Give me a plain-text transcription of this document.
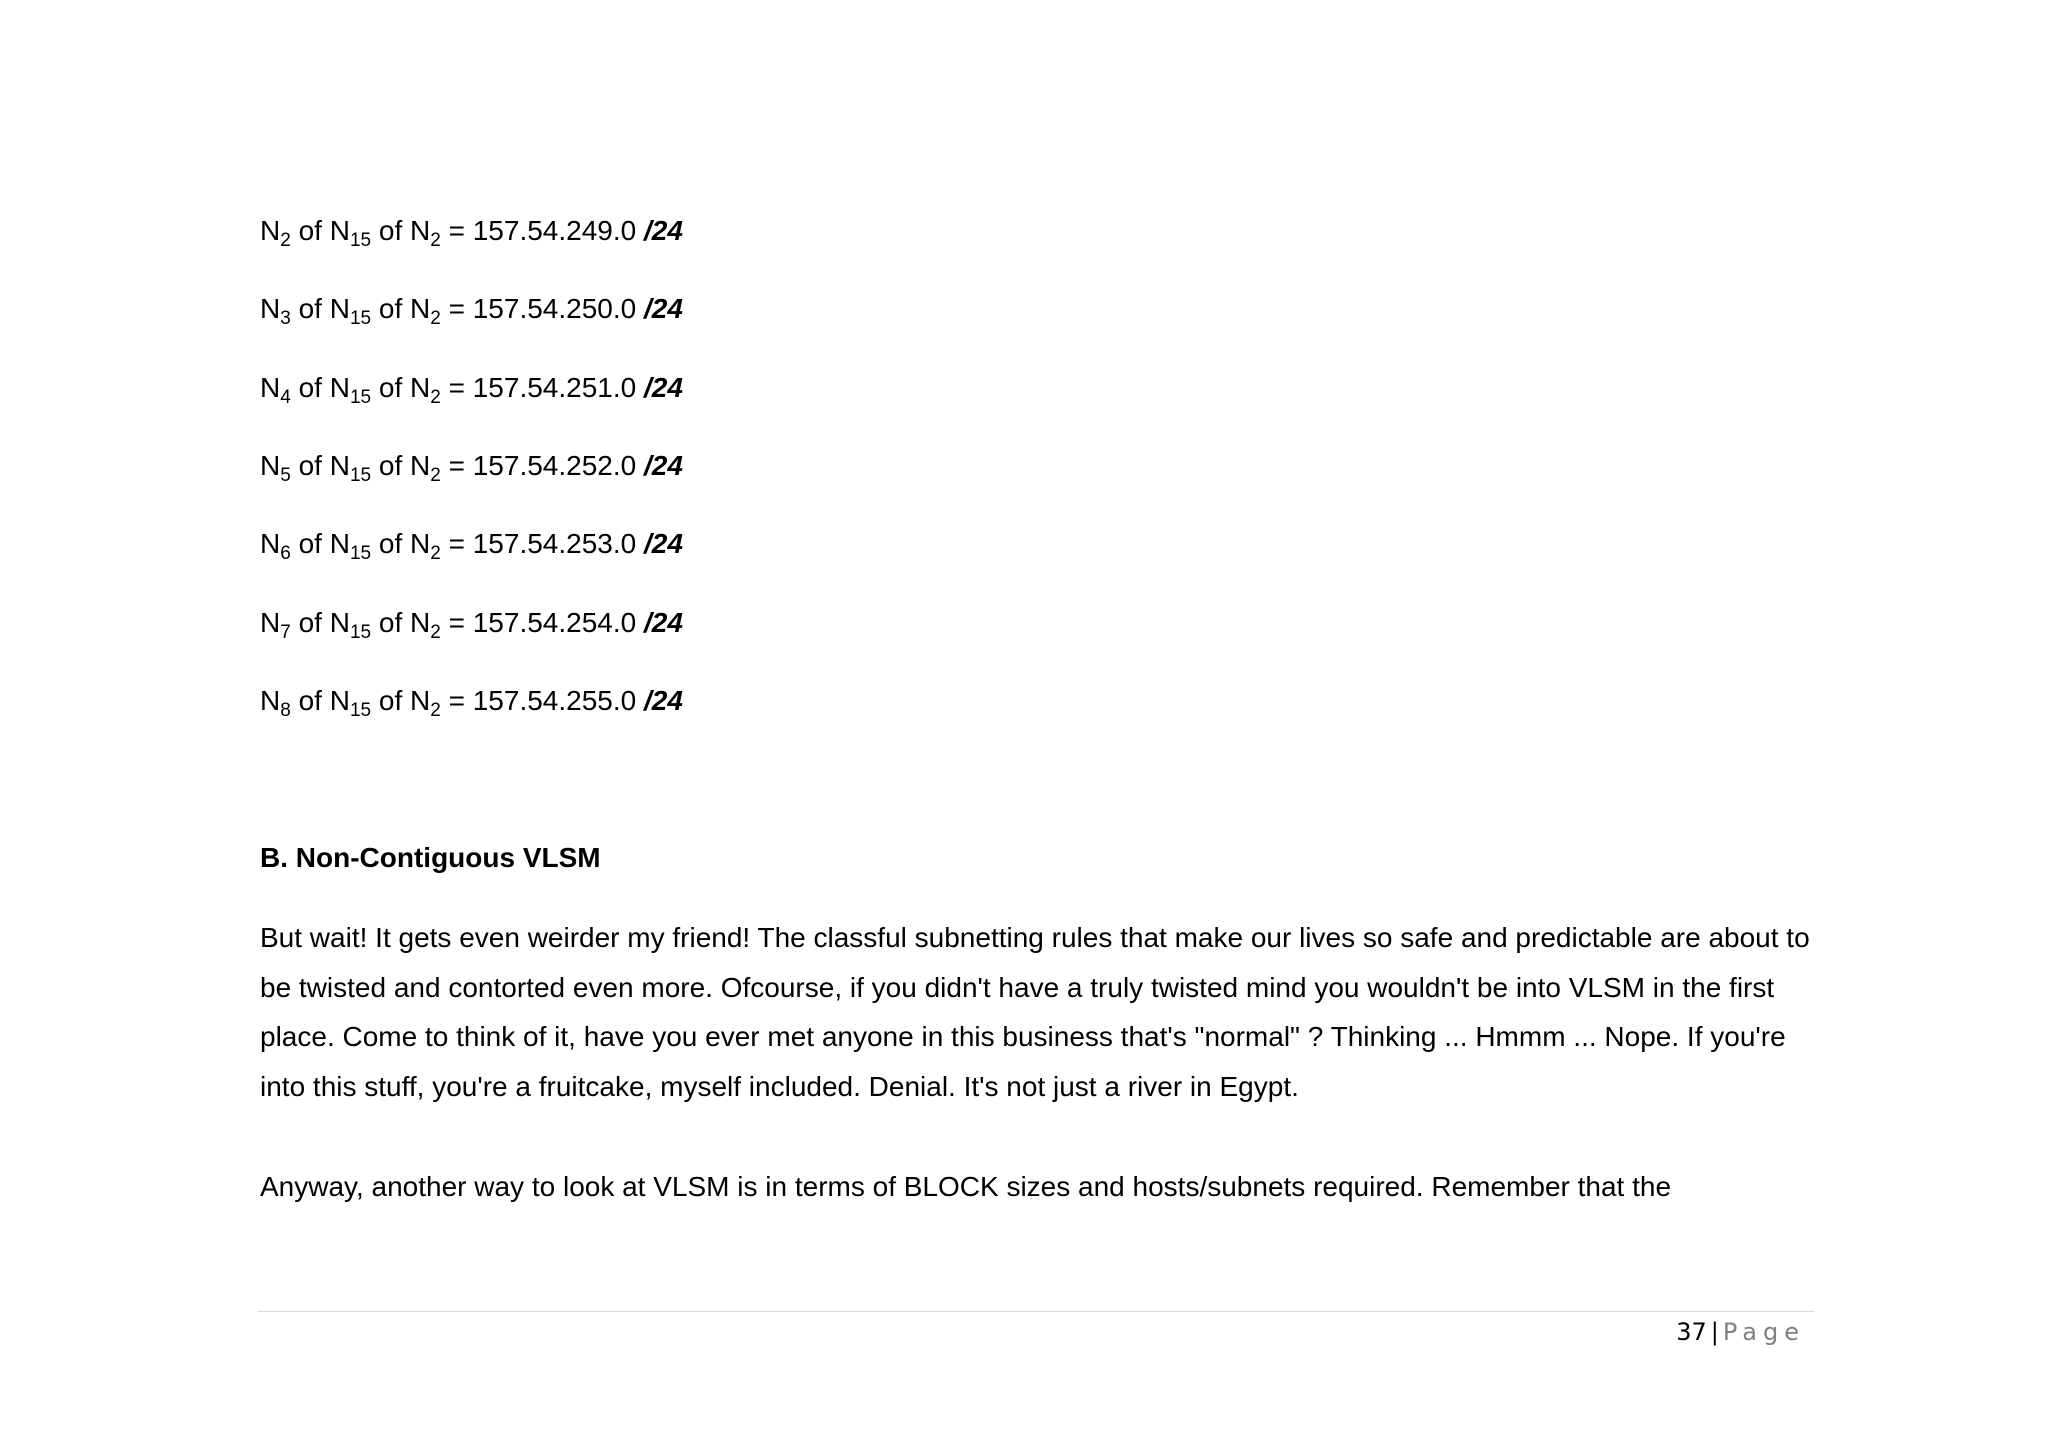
$N_2$ of $N_{15}$ of $N_2 = 157.54.249.0$ /24
$N_3$ of $N_{15}$ of $N_2 = 157.54.250.0$ /24
$N_4$ of $N_{15}$ of $N_2 = 157.54.251.0$ /24
$N_5$ of $N_{15}$ of $N_2 = 157.54.252.0$ /24
$N_6$ of $N_{15}$ of $N_2 = 157.54.253.0$ /24
$N_7$ of $N_{15}$ of $N_2 = 157.54.254.0$ /24
$N_8$ of $N_{15}$ of $N_2 = 157.54.255.0$ /24
B. Non-Contiguous VLSM

But wait! It gets even weirder my friend! The classful subnetting rules that make our lives so safe and predictable are about to be twisted and contorted even more. Ofcourse, if you didn't have a truly twisted mind you wouldn't be into VLSM in the first place. Come to think of it, have you ever met anyone in this business that's "normal" ? Thinking ... Hmmm ... Nope. If you're into this stuff, you're a fruitcake, myself included. Denial. It's not just a river in Egypt.

Anyway, another way to look at VLSM is in terms of BLOCK sizes and hosts/subnets required. Remember that the

37 | Page
